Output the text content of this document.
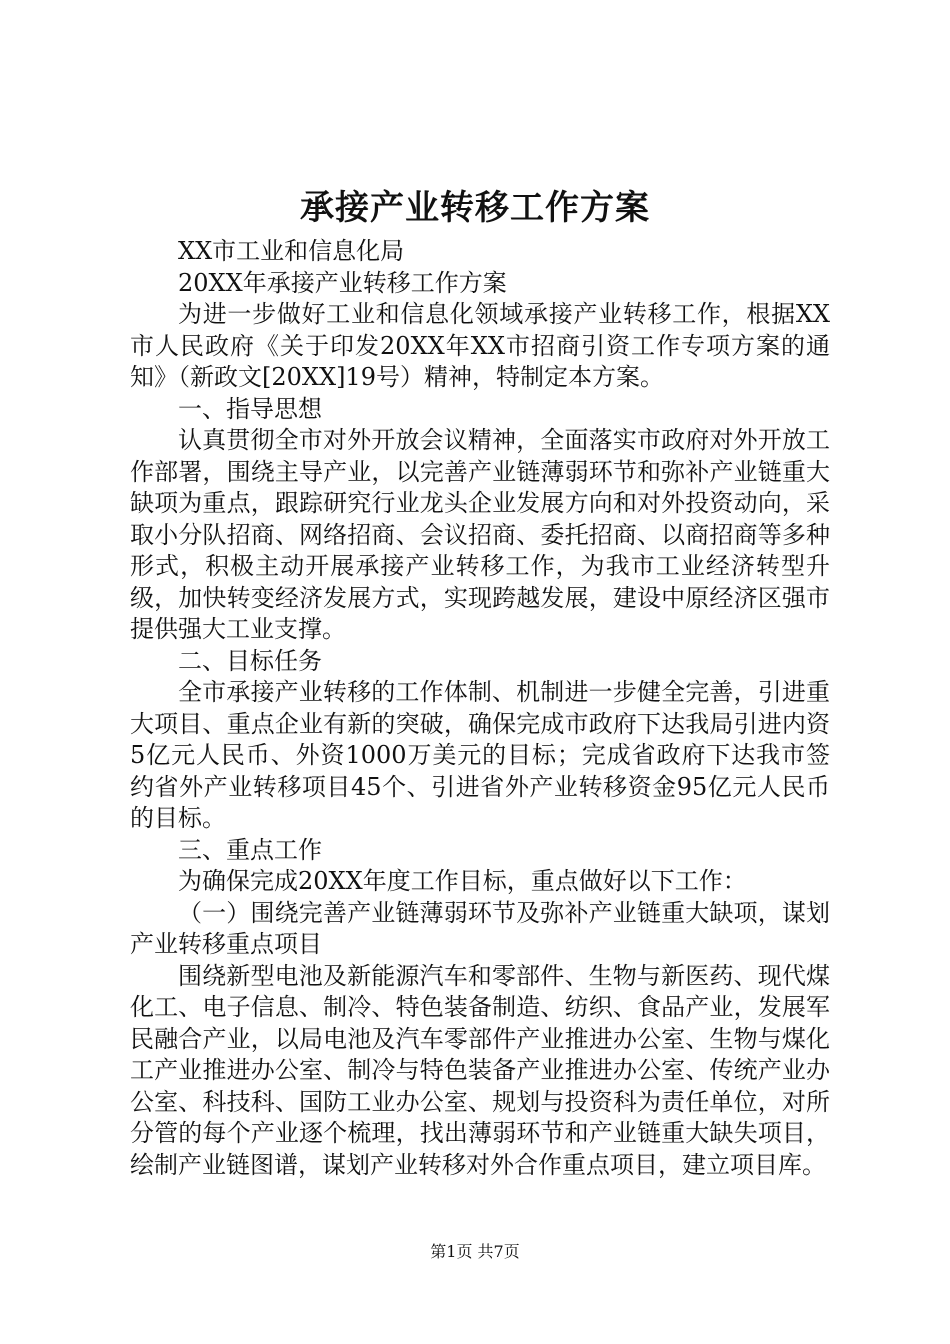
承接产业转移工作方案

XX市工业和信息化局

20XX年承接产业转移工作方案

为进一步做好工业和信息化领域承接产业转移工作，根据XX市人民政府《关于印发20XX年XX市招商引资工作专项方案的通知》（新政文[20XX]19号）精神，特制定本方案。

一、指导思想

认真贯彻全市对外开放会议精神，全面落实市政府对外开放工作部署，围绕主导产业，以完善产业链薄弱环节和弥补产业链重大缺项为重点，跟踪研究行业龙头企业发展方向和对外投资动向，采取小分队招商、网络招商、会议招商、委托招商、以商招商等多种形式，积极主动开展承接产业转移工作，为我市工业经济转型升级，加快转变经济发展方式，实现跨越发展，建设中原经济区强市提供强大工业支撑。

二、目标任务

全市承接产业转移的工作体制、机制进一步健全完善，引进重大项目、重点企业有新的突破，确保完成市政府下达我局引进内资5亿元人民币、外资1000万美元的目标；完成省政府下达我市签约省外产业转移项目45个、引进省外产业转移资金95亿元人民币的目标。

三、重点工作

为确保完成20XX年度工作目标，重点做好以下工作：

（一）围绕完善产业链薄弱环节及弥补产业链重大缺项，谋划产业转移重点项目

围绕新型电池及新能源汽车和零部件、生物与新医药、现代煤化工、电子信息、制冷、特色装备制造、纺织、食品产业，发展军民融合产业，以局电池及汽车零部件产业推进办公室、生物与煤化工产业推进办公室、制冷与特色装备产业推进办公室、传统产业办公室、科技科、国防工业办公室、规划与投资科为责任单位，对所分管的每个产业逐个梳理，找出薄弱环节和产业链重大缺失项目，绘制产业链图谱，谋划产业转移对外合作重点项目，建立项目库。

第1页 共7页
